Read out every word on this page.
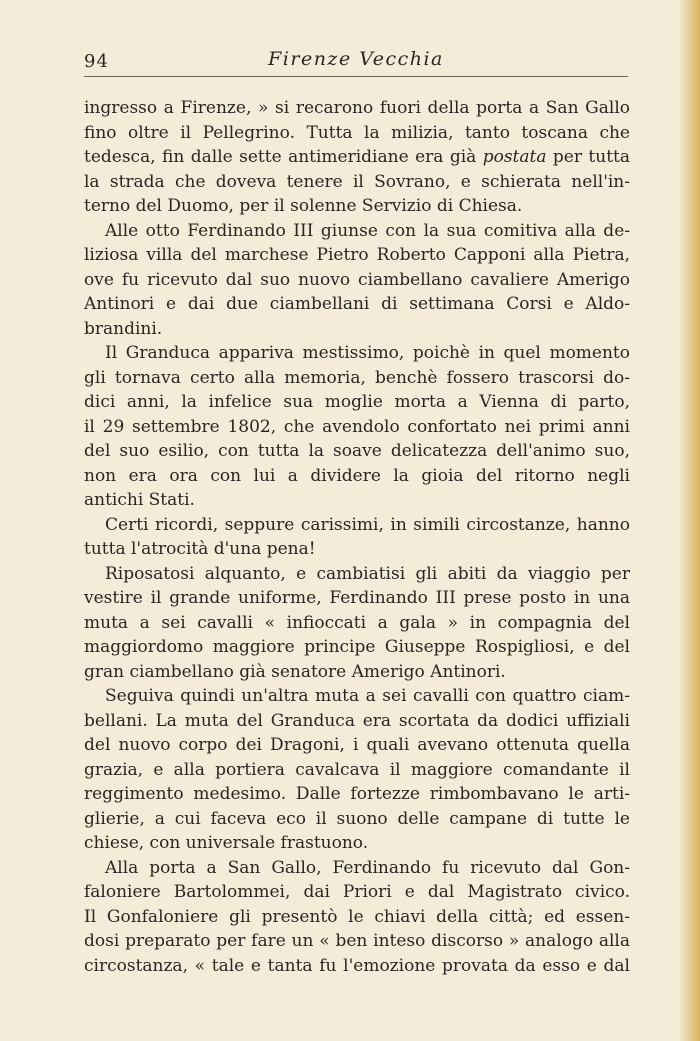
94	Firenze Vecchia
ingresso a Firenze, » si recarono fuori della porta a San Gallo
fino oltre il Pellegrino. Tutta la milizia, tanto toscana che
tedesca, fin dalle sette antimeridiane era già postata per tutta
la strada che doveva tenere il Sovrano, e schierata nell'in-
terno del Duomo, per il solenne Servizio di Chiesa.
Alle otto Ferdinando III giunse con la sua comitiva alla de-
liziosa villa del marchese Pietro Roberto Capponi alla Pietra,
ove fu ricevuto dal suo nuovo ciambellano cavaliere Amerigo
Antinori e dai due ciambellani di settimana Corsi e Aldo-
brandini.
Il Granduca appariva mestissimo, poichè in quel momento
gli tornava certo alla memoria, benchè fossero trascorsi do-
dici anni, la infelice sua moglie morta a Vienna di parto,
il 29 settembre 1802, che avendolo confortato nei primi anni
del suo esilio, con tutta la soave delicatezza dell'animo suo,
non era ora con lui a dividere la gioia del ritorno negli
antichi Stati.
Certi ricordi, seppure carissimi, in simili circostanze, hanno
tutta l'atrocità d'una pena!
Riposatosi alquanto, e cambiatisi gli abiti da viaggio per
vestire il grande uniforme, Ferdinando III prese posto in una
muta a sei cavalli « infioccati a gala » in compagnia del
maggiordomo maggiore principe Giuseppe Rospigliosi, e del
gran ciambellano già senatore Amerigo Antinori.
Seguiva quindi un'altra muta a sei cavalli con quattro ciam-
bellani. La muta del Granduca era scortata da dodici uffiziali
del nuovo corpo dei Dragoni, i quali avevano ottenuta quella
grazia, e alla portiera cavalcava il maggiore comandante il
reggimento medesimo. Dalle fortezze rimbombavano le arti-
glierie, a cui faceva eco il suono delle campane di tutte le
chiese, con universale frastuono.
Alla porta a San Gallo, Ferdinando fu ricevuto dal Gon-
faloniere Bartolommei, dai Priori e dal Magistrato civico.
Il Gonfaloniere gli presentò le chiavi della città; ed essen-
dosi preparato per fare un « ben inteso discorso » analogo alla
circostanza, « tale e tanta fu l'emozione provata da esso e dal
